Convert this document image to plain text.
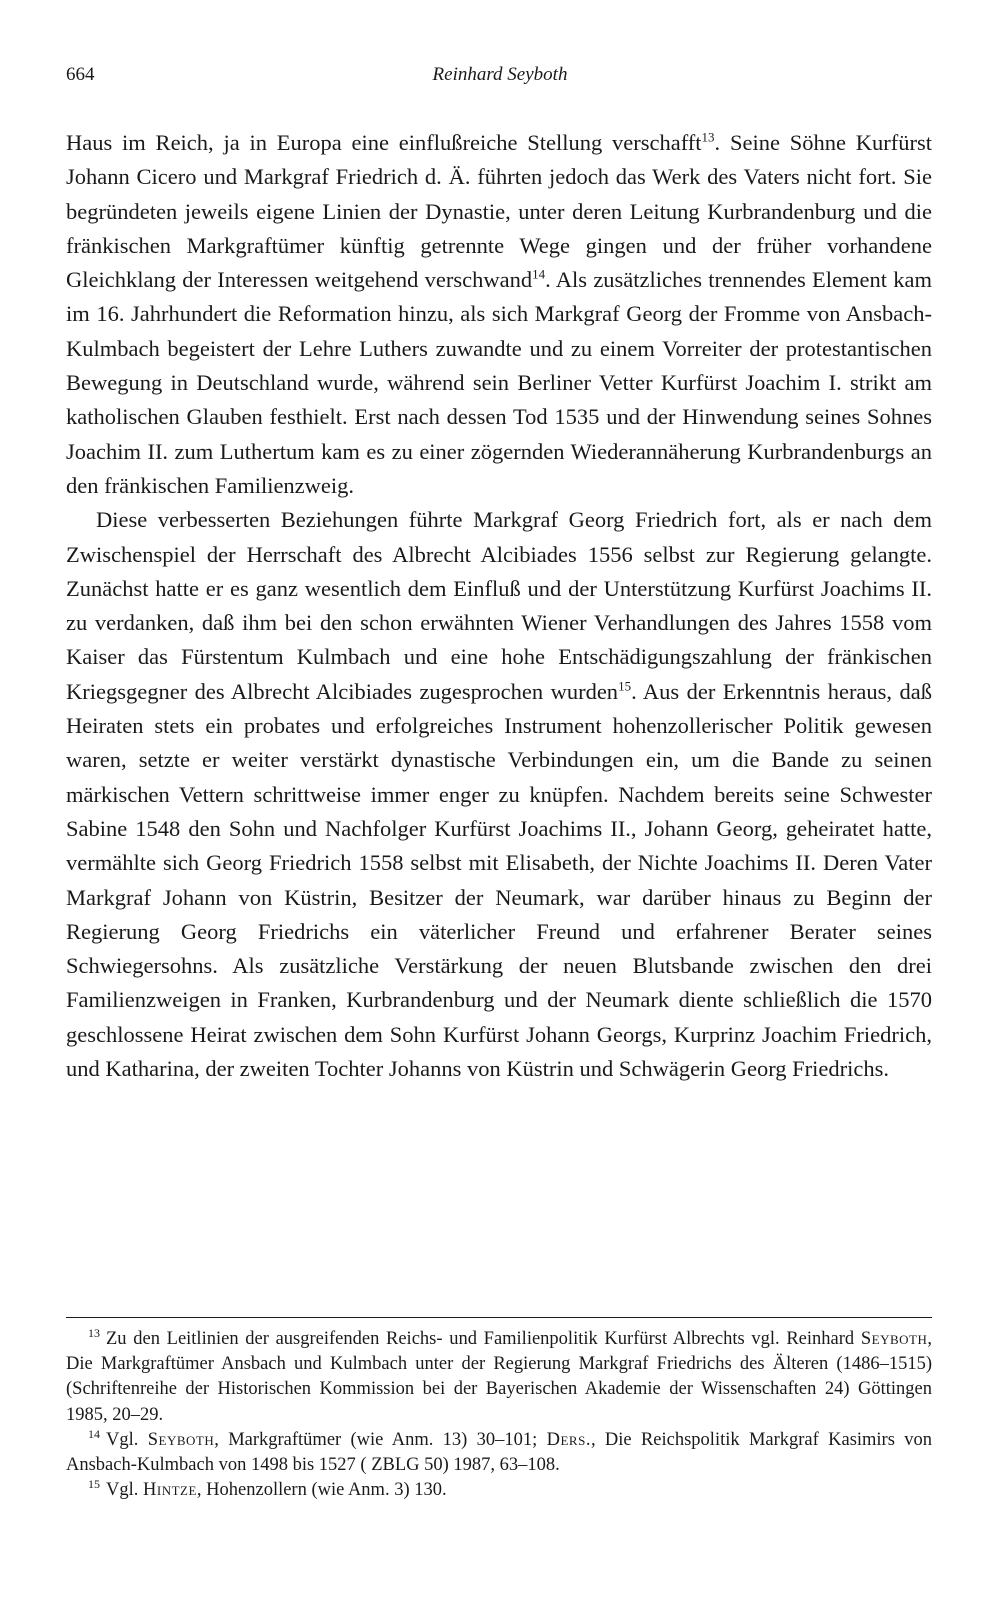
664	Reinhard Seyboth

Haus im Reich, ja in Europa eine einflußreiche Stellung verschafft$^{13}$. Seine Söhne Kurfürst Johann Cicero und Markgraf Friedrich d. Ä. führten jedoch das Werk des Vaters nicht fort. Sie begründeten jeweils eigene Linien der Dynastie, unter deren Leitung Kurbrandenburg und die fränkischen Markgraftümer künftig getrennte Wege gingen und der früher vorhandene Gleichklang der Interessen weitgehend verschwand$^{14}$. Als zusätzliches trennendes Element kam im 16. Jahrhundert die Reformation hinzu, als sich Markgraf Georg der Fromme von Ansbach-Kulmbach begeistert der Lehre Luthers zuwandte und zu einem Vorreiter der protestantischen Bewegung in Deutschland wurde, während sein Berliner Vetter Kurfürst Joachim I. strikt am katholischen Glauben festhielt. Erst nach dessen Tod 1535 und der Hinwendung seines Sohnes Joachim II. zum Luthertum kam es zu einer zögernden Wiederannäherung Kurbrandenburgs an den fränkischen Familienzweig.

Diese verbesserten Beziehungen führte Markgraf Georg Friedrich fort, als er nach dem Zwischenspiel der Herrschaft des Albrecht Alcibiades 1556 selbst zur Regierung gelangte. Zunächst hatte er es ganz wesentlich dem Einfluß und der Unterstützung Kurfürst Joachims II. zu verdanken, daß ihm bei den schon erwähnten Wiener Verhandlungen des Jahres 1558 vom Kaiser das Fürstentum Kulmbach und eine hohe Entschädigungszahlung der fränkischen Kriegsgegner des Albrecht Alcibiades zugesprochen wurden$^{15}$. Aus der Erkenntnis heraus, daß Heiraten stets ein probates und erfolgreiches Instrument hohenzollerischer Politik gewesen waren, setzte er weiter verstärkt dynastische Verbindungen ein, um die Bande zu seinen märkischen Vettern schrittweise immer enger zu knüpfen. Nachdem bereits seine Schwester Sabine 1548 den Sohn und Nachfolger Kurfürst Joachims II., Johann Georg, geheiratet hatte, vermählte sich Georg Friedrich 1558 selbst mit Elisabeth, der Nichte Joachims II. Deren Vater Markgraf Johann von Küstrin, Besitzer der Neumark, war darüber hinaus zu Beginn der Regierung Georg Friedrichs ein väterlicher Freund und erfahrener Berater seines Schwiegersohns. Als zusätzliche Verstärkung der neuen Blutsbande zwischen den drei Familienzweigen in Franken, Kurbrandenburg und der Neumark diente schließlich die 1570 geschlossene Heirat zwischen dem Sohn Kurfürst Johann Georgs, Kurprinz Joachim Friedrich, und Katharina, der zweiten Tochter Johanns von Küstrin und Schwägerin Georg Friedrichs.

$^{13}$ Zu den Leitlinien der ausgreifenden Reichs- und Familienpolitik Kurfürst Albrechts vgl. Reinhard Seyboth, Die Markgraftümer Ansbach und Kulmbach unter der Regierung Markgraf Friedrichs des Älteren (1486–1515) (Schriftenreihe der Historischen Kommission bei der Bayerischen Akademie der Wissenschaften 24) Göttingen 1985, 20–29.

$^{14}$ Vgl. Seyboth, Markgraftümer (wie Anm. 13) 30–101; Ders., Die Reichspolitik Markgraf Kasimirs von Ansbach-Kulmbach von 1498 bis 1527 ( ZBLG 50) 1987, 63–108.

$^{15}$ Vgl. Hintze, Hohenzollern (wie Anm. 3) 130.
